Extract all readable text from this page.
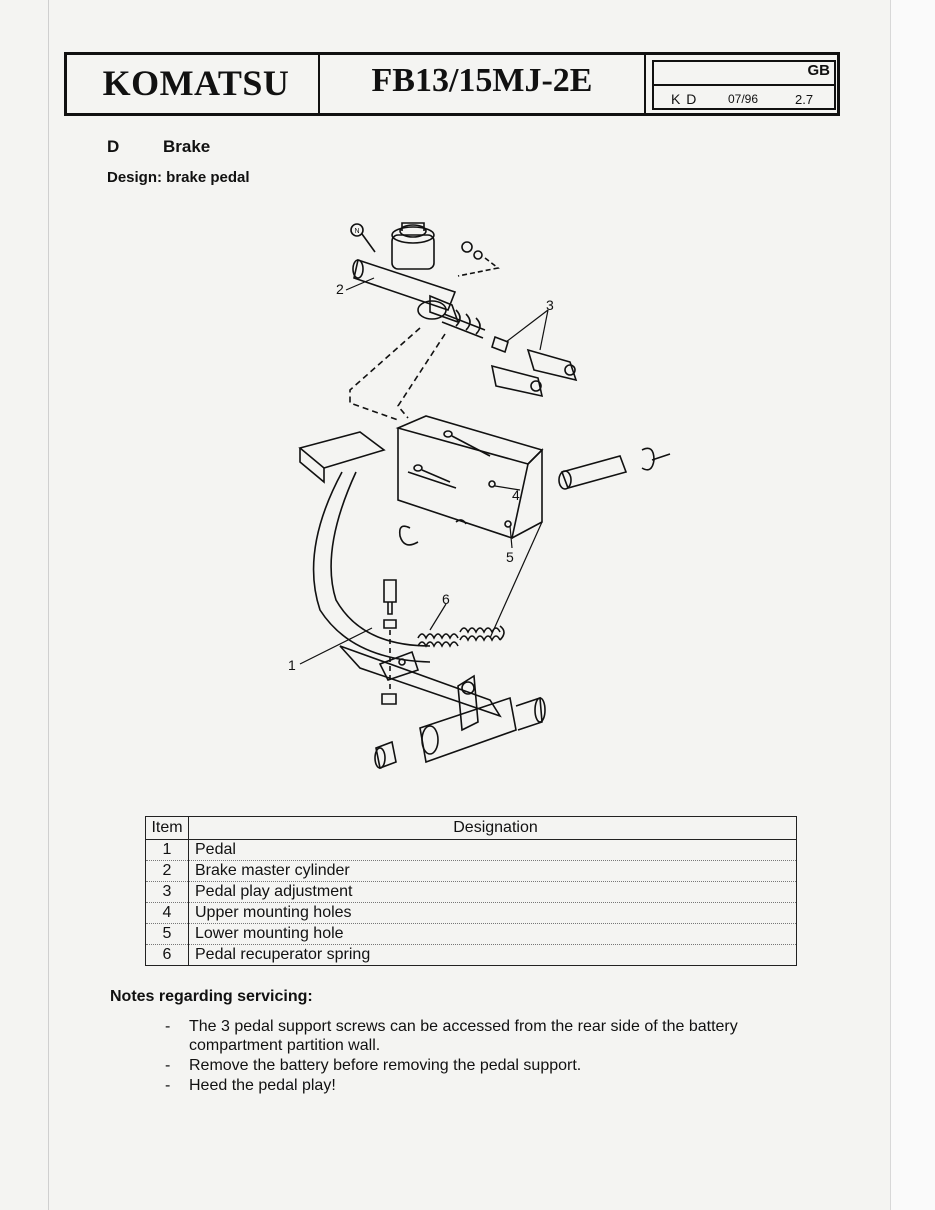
KOMATSU	FB13/15MJ-2E	GB
K D	07/96	2.7
D	Brake
Design: brake pedal
2
3
4
5
6
1
N
Item	Designation
1	Pedal
2	Brake master cylinder
3	Pedal play adjustment
4	Upper mounting holes
5	Lower mounting hole
6	Pedal recuperator spring
Notes regarding servicing:
- The 3 pedal support screws can be accessed from the rear side of the battery compartment partition wall.
- Remove the battery before removing the pedal support.
- Heed the pedal play!
